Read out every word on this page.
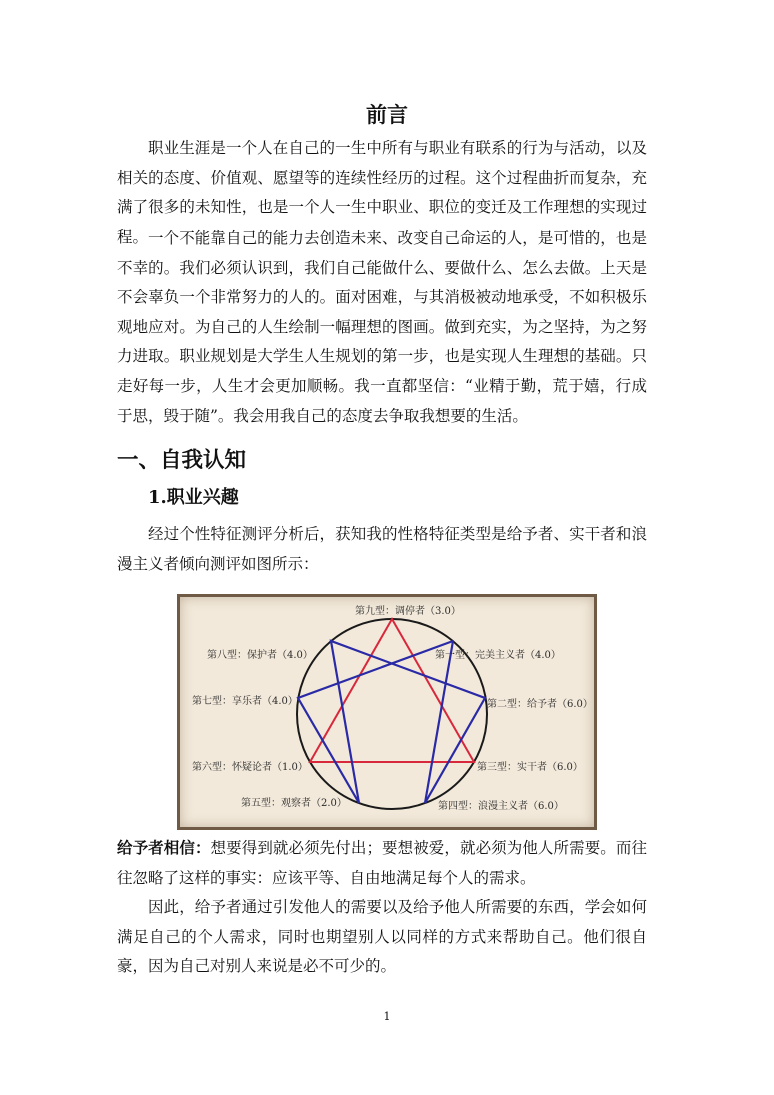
前言

职业生涯是一个人在自己的一生中所有与职业有联系的行为与活动，以及相关的态度、价值观、愿望等的连续性经历的过程。这个过程曲折而复杂，充满了很多的未知性，也是一个人一生中职业、职位的变迁及工作理想的实现过程。 一个不能靠自己的能力去创造未来、改变自己命运的人，是可惜的，也是不幸的。我们必须认识到，我们自己能做什么、要做什么、怎么去做。上天是不会辜负一个非常努力的人的。面对困难，与其消极被动地承受，不如积极乐观地应对。为自己的人生绘制一幅理想的图画。做到充实，为之坚持，为之努力进取。职业规划是大学生人生规划的第一步，也是实现人生理想的基础。只走好每一步，人生才会更加顺畅。我一直都坚信：“业精于勤，荒于嬉，行成于思，毁于随”。我会用我自己的态度去争取我想要的生活。

一、自我认知
1.职业兴趣

经过个性特征测评分析后，获知我的性格特征类型是给予者、实干者和浪漫主义者倾向测评如图所示：

第九型：调停者（3.0）
第一型：完美主义者（4.0）
第二型：给予者（6.0）
第三型：实干者（6.0）
第四型：浪漫主义者（6.0）
第五型：观察者（2.0）
第六型：怀疑论者（1.0）
第七型：享乐者（4.0）
第八型：保护者（4.0）

给予者相信：想要得到就必须先付出；要想被爱，就必须为他人所需要。而往往忽略了这样的事实：应该平等、自由地满足每个人的需求。

因此，给予者通过引发他人的需要以及给予他人所需要的东西，学会如何满足自己的个人需求，同时也期望别人以同样的方式来帮助自己。他们很自豪，因为自己对别人来说是必不可少的。

1
